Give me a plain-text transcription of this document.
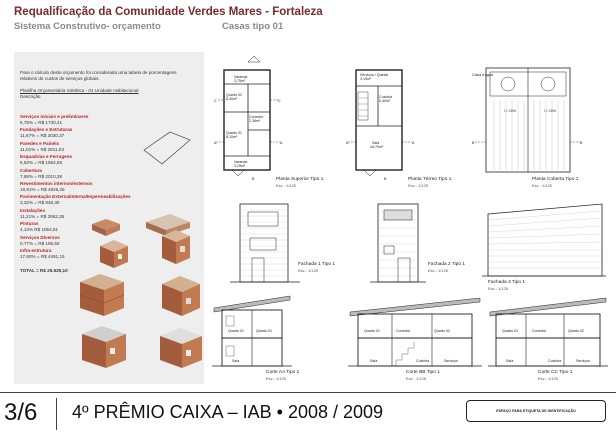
Requalificação da Comunidade Verdes Mares - Fortaleza
Sistema Construtivo- orçamento	Casas tipo 01
Para o cálculo deste orçamento foi considerada uma tabela de porcentagens
relativos de custos de serviços globais.
Planilha Orçamentária Sintética - 01 Unidade Habitacional
Descrição
Serviços iniciais e preliminares
6,78% = R$ 1730,41
Fundações e Estruturas
11,87% = R$ 3030,37
Paredes e Painéis
11,01% = R$ 2811,03
Esquadrias e Ferragens
6,52% = R$ 1664,55
Cobertura
7,88% = R$ 2010,38
Revestimentos internos/externos
18,91% = R$ 4826,25
Pavimentação Externa/Interna/Impermeabilizações
3,32% = R$ 848,30
Instalações
11,21% = R$ 2862,35
Pinturas
4,13% R$ 1054,81
Serviços Diversos
0,77% = R$ 195,50
Infra-estrutura
17,60% = R$ 4491,15
TOTAL = R$ 25.525,10
Varanda
3,75m²
Quarto 02
8,40m²
Corredor
2,36m²
Quarto 01
8,10m²
Varanda
3,25m²
A	A
C	C
B
Serviços / Quintal
3,19m²
Cozinha
5,40m²
Sala
16,70m²
A	A
B
Caixa d'água
i = 15%	i = 15%
A	A
Planta Superior Tipo 1
Esc.: 1/125
Planta Térreo Tipo 1
Esc.: 1/125
Planta Coberta Tipo 1
Esc.: 1/125
Fachada 1 Tipo 1
Esc.: 1/125
Fachada 2 Tipo 1
Esc.: 1/125
Fachada 3 Tipo 1
Esc.: 1/125
Quarto 01	Quarto 01
Sala
Quarto 01	Corredor	Quarto 02
Sala	Cozinha	Serviços
Quarto 01	Corredor	Quarto 02
Sala	Cozinha	Serviços
Corte AA Tipo 1
Esc.: 1/125
Corte BB Tipo 1
Esc.: 1/125
Corte CC Tipo 1
Esc.: 1/125
3/6 4º PRÊMIO CAIXA – IAB • 2008 / 2009	ESPAÇO PARA ETIQUETA DE IDENTIFICAÇÃO
